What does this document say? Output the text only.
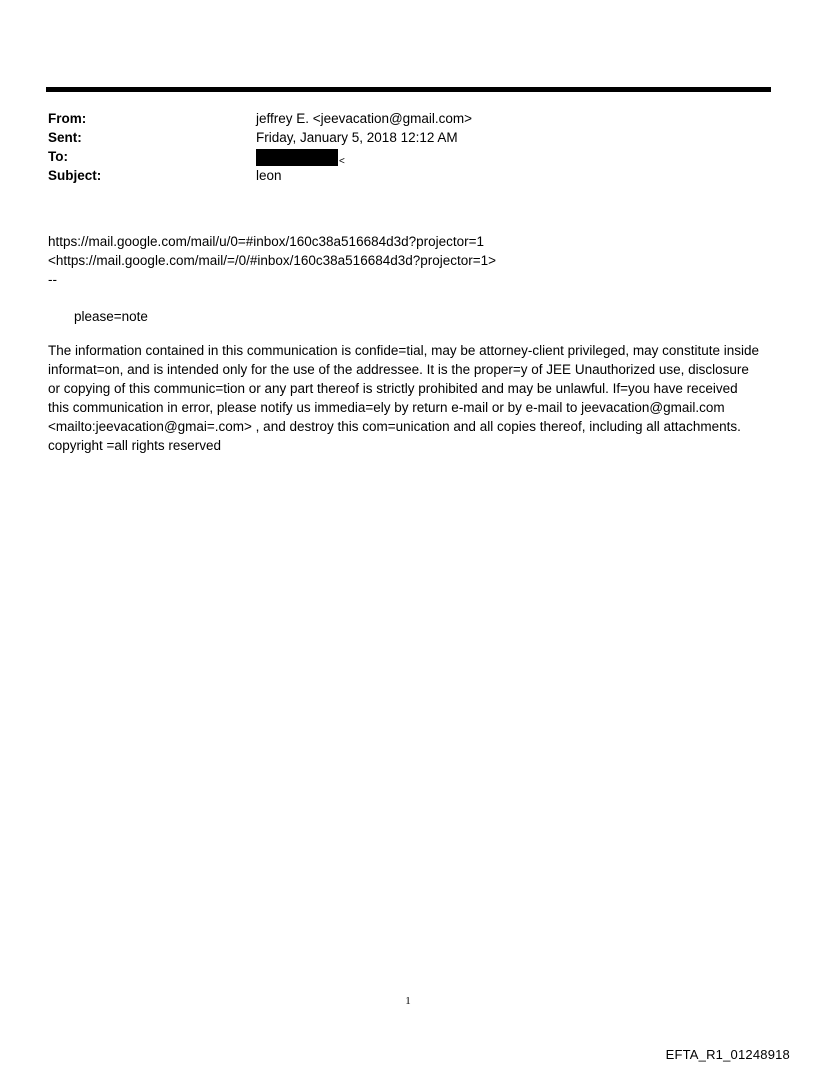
From:	jeffrey E. <jeevacation@gmail.com>
Sent:	Friday, January 5, 2018 12:12 AM
To:	<
Subject:	leon

https://mail.google.com/mail/u/0=#inbox/160c38a516684d3d?projector=1

<https://mail.google.com/mail/=/0/#inbox/160c38a516684d3d?projector=1>

--

please=note

The information contained in this communication is confide=tial, may be attorney-client privileged, may constitute inside informat=on, and is intended only for the use of the addressee. It is the proper=y of JEE Unauthorized use, disclosure or copying of this communic=tion or any part thereof is strictly prohibited and may be unlawful. If=you have received this communication in error, please notify us immedia=ely by return e-mail or by e-mail to jeevacation@gmail.com <mailto:jeevacation@gmai=.com> , and destroy this com=unication and all copies thereof, including all attachments. copyright =all rights reserved

1
EFTA_R1_01248918
